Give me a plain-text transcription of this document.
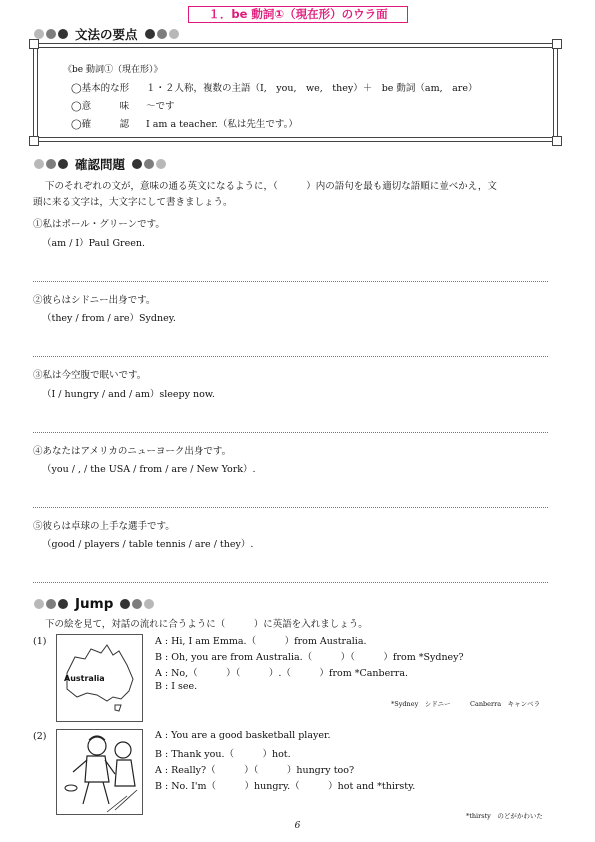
１．be 動詞①（現在形）のウラ面
文法の要点
《be 動詞①（現在形）》
◯基本的な形 １・２人称，複数の主語（I,　you,　we,　they）＋　be 動詞（am,　are）
◯意　　　味 ～です
◯確　　　認 I am a teacher.（私は先生です。）
確認問題
下のそれぞれの文が，意味の通る英文になるように，（　　　）内の語句を最も適切な語順に並べかえ，文
頭に来る文字は，大文字にして書きましょう。
①私はポール・グリーンです。
（am / I）Paul Green.
②彼らはシドニー出身です。
（they / from / are）Sydney.
③私は今空腹で眠いです。
（I / hungry / and / am）sleepy now.
④あなたはアメリカのニューヨーク出身です。
（you / , / the USA / from / are / New York）.
⑤彼らは卓球の上手な選手です。
（good / players / table tennis / are / they）.
Jump
下の絵を見て，対話の流れに合うように（　　　）に英語を入れましょう。
(1)
Australia
A : Hi, I am Emma.（　　　）from Australia.
B : Oh, you are from Australia.（　　　）（　　　）from *Sydney?
A : No,（　　　）（　　　）.（　　　）from *Canberra.
B : I see.
*Sydney　シドニー　　　Canberra　キャンベラ
(2)	A : You are a good basketball player.
B : Thank you.（　　　）hot.
A : Really?（　　　）（　　　）hungry too?
B : No. I'm（　　　）hungry.（　　　）hot and *thirsty.
*thirsty　のどがかわいた
6
